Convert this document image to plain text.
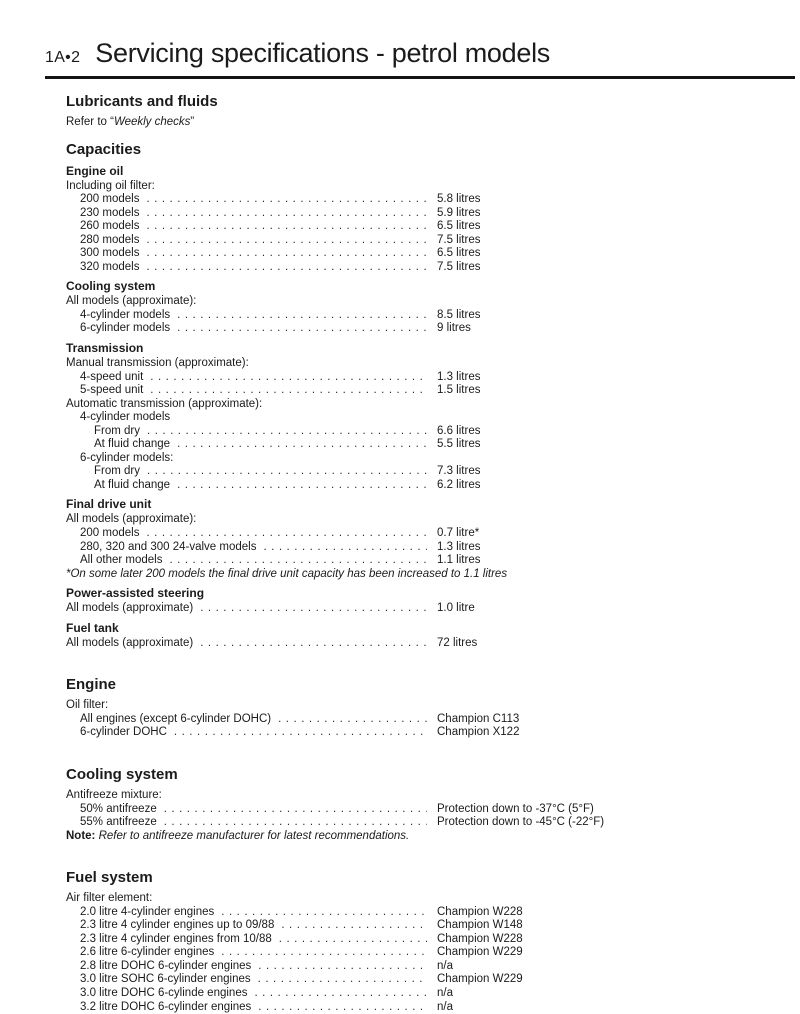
1A•2 Servicing specifications - petrol models
Lubricants and fluids

Refer to “Weekly checks”

Capacities
Engine oil

Including oil filter:

200 models .....	5.8 litres
230 models .....	5.9 litres
260 models .....	6.5 litres
280 models .....	7.5 litres
300 models .....	6.5 litres
320 models .....	7.5 litres
Cooling system

All models (approximate):

4-cylinder models .....	8.5 litres
6-cylinder models .....	9 litres
Transmission

Manual transmission (approximate):

4-speed unit .....	1.3 litres
5-speed unit .....	1.5 litres

Automatic transmission (approximate):

4-cylinder models

From dry .....	6.6 litres
At fluid change .....	5.5 litres

6-cylinder models:

From dry .....	7.3 litres
At fluid change .....	6.2 litres
Final drive unit

All models (approximate):

200 models .....	0.7 litre*
280, 320 and 300 24-valve models .....	1.3 litres
All other models .....	1.1 litres

*On some later 200 models the final drive unit capacity has been increased to 1.1 litres

Power-assisted steering
All models (approximate) .....	1.0 litre
Fuel tank
All models (approximate) .....	72 litres
Engine

Oil filter:

All engines (except 6-cylinder DOHC) .....	Champion C113
6-cylinder DOHC .....	Champion X122
Cooling system

Antifreeze mixture:

50% antifreeze .....	Protection down to -37°C (5°F)
55% antifreeze .....	Protection down to -45°C (-22°F)

Note: Refer to antifreeze manufacturer for latest recommendations.

Fuel system

Air filter element:

2.0 litre 4-cylinder engines .....	Champion W228
2.3 litre 4 cylinder engines up to 09/88 .....	Champion W148
2.3 litre 4 cylinder engines from 10/88 .....	Champion W228
2.6 litre 6-cylinder engines .....	Champion W229
2.8 litre DOHC 6-cylinder engines .....	n/a
3.0 litre SOHC 6-cylinder engines .....	Champion W229
3.0 litre DOHC 6-cylinde engines .....	n/a
3.2 litre DOHC 6-cylinder engines .....	n/a
